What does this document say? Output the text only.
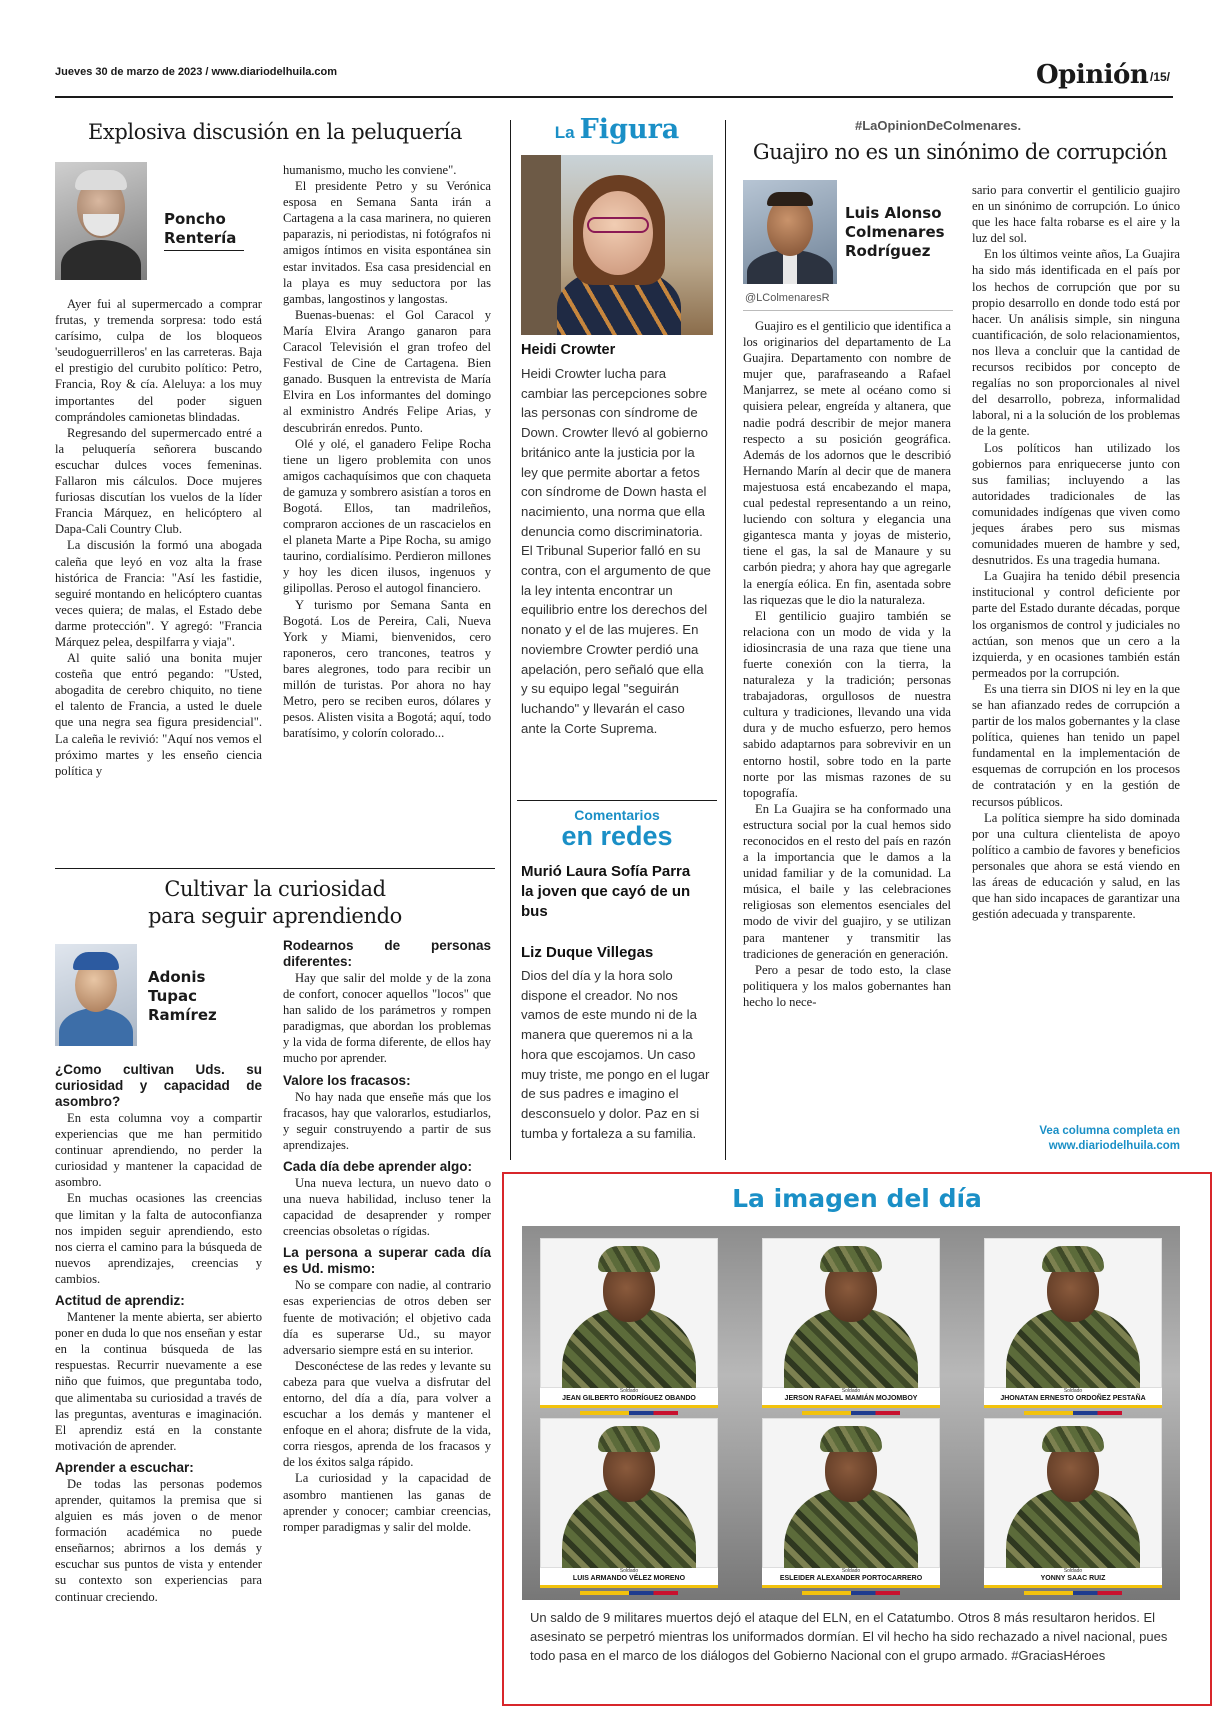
Jueves 30 de marzo de 2023 / www.diariodelhuila.com	Opinión /15/
Explosiva discusión en la peluquería
Poncho Rentería

Ayer fui al supermercado a comprar frutas, y tremenda sorpresa: todo está carísimo, culpa de los bloqueos 'seudoguerrilleros' en las carreteras. Baja el prestigio del curubito político: Petro, Francia, Roy & cía. Aleluya: a los muy importantes del poder siguen comprándoles camionetas blindadas.

Regresando del supermercado entré a la peluquería señorera buscando escuchar dulces voces femeninas. Fallaron mis cálculos. Doce mujeres furiosas discutían los vuelos de la líder Francia Márquez, en helicóptero al Dapa-Cali Country Club.

La discusión la formó una abogada caleña que leyó en voz alta la frase histórica de Francia: "Así les fastidie, seguiré montando en helicóptero cuantas veces quiera; de malas, el Estado debe darme protección". Y agregó: "Francia Márquez pelea, despilfarra y viaja".

Al quite salió una bonita mujer costeña que entró pegando: "Usted, abogadita de cerebro chiquito, no tiene el talento de Francia, a usted le duele que una negra sea figura presidencial". La caleña le revivió: "Aquí nos vemos el próximo martes y les enseño ciencia política y

humanismo, mucho les conviene".

El presidente Petro y su Verónica esposa en Semana Santa irán a Cartagena a la casa marinera, no quieren paparazis, ni periodistas, ni fotógrafos ni amigos íntimos en visita espontánea sin estar invitados. Esa casa presidencial en la playa es muy seductora por las gambas, langostinos y langostas.

Buenas-buenas: el Gol Caracol y María Elvira Arango ganaron para Caracol Televisión el gran trofeo del Festival de Cine de Cartagena. Bien ganado. Busquen la entrevista de María Elvira en Los informantes del domingo al exministro Andrés Felipe Arias, y descubrirán enredos. Punto.

Olé y olé, el ganadero Felipe Rocha tiene un ligero problemita con unos amigos cachaquísimos que con chaqueta de gamuza y sombrero asistían a toros en Bogotá. Ellos, tan madrileños, compraron acciones de un rascacielos en el planeta Marte a Pipe Rocha, su amigo taurino, cordialísimo. Perdieron millones y hoy les dicen ilusos, ingenuos y gilipollas. Peroso el autogol financiero.

Y turismo por Semana Santa en Bogotá. Los de Pereira, Cali, Nueva York y Miami, bienvenidos, cero raponeros, cero trancones, teatros y bares alegrones, todo para recibir un millón de turistas. Por ahora no hay Metro, pero se reciben euros, dólares y pesos. Alisten visita a Bogotá; aquí, todo baratísimo, y colorín colorado...

Cultivar la curiosidad
para seguir aprendiendo
Adonis Tupac Ramírez
¿Como cultivan Uds. su curiosidad y capacidad de asombro?

En esta columna voy a compartir experiencias que me han permitido continuar aprendiendo, no perder la curiosidad y mantener la capacidad de asombro.

En muchas ocasiones las creencias que limitan y la falta de autoconfianza nos impiden seguir aprendiendo, esto nos cierra el camino para la búsqueda de nuevos aprendizajes, creencias y cambios.

Actitud de aprendiz:

Mantener la mente abierta, ser abierto poner en duda lo que nos enseñan y estar en la continua búsqueda de las respuestas. Recurrir nuevamente a ese niño que fuimos, que preguntaba todo, que alimentaba su curiosidad a través de las preguntas, aventuras e imaginación. El aprendiz está en la constante motivación de aprender.

Aprender a escuchar:

De todas las personas podemos aprender, quitamos la premisa que si alguien es más joven o de menor formación académica no puede enseñarnos; abrirnos a los demás y escuchar sus puntos de vista y entender su contexto son experiencias para continuar creciendo.

Rodearnos de personas diferentes:

Hay que salir del molde y de la zona de confort, conocer aquellos "locos" que han salido de los parámetros y rompen paradigmas, que abordan los problemas y la vida de forma diferente, de ellos hay mucho por aprender.

Valore los fracasos:

No hay nada que enseñe más que los fracasos, hay que valorarlos, estudiarlos, y seguir construyendo a partir de sus aprendizajes.

Cada día debe aprender algo:

Una nueva lectura, un nuevo dato o una nueva habilidad, incluso tener la capacidad de desaprender y romper creencias obsoletas o rígidas.

La persona a superar cada día es Ud. mismo:

No se compare con nadie, al contrario esas experiencias de otros deben ser fuente de motivación; el objetivo cada día es superarse Ud., su mayor adversario siempre está en su interior.

Desconéctese de las redes y levante su cabeza para que vuelva a disfrutar del entorno, del día a día, para volver a escuchar a los demás y mantener el enfoque en el ahora; disfrute de la vida, corra riesgos, aprenda de los fracasos y de los éxitos salga rápido.

La curiosidad y la capacidad de asombro mantienen las ganas de aprender y conocer; cambiar creencias, romper paradigmas y salir del molde.

La Figura
Heidi Crowter
Heidi Crowter lucha para cambiar las percepciones sobre las personas con síndrome de Down. Crowter llevó al gobierno británico ante la justicia por la ley que permite abortar a fetos con síndrome de Down hasta el nacimiento, una norma que ella denuncia como discriminatoria. El Tribunal Superior falló en su contra, con el argumento de que la ley intenta encontrar un equilibrio entre los derechos del nonato y el de las mujeres. En noviembre Crowter perdió una apelación, pero señaló que ella y su equipo legal "seguirán luchando" y llevarán el caso ante la Corte Suprema.
Comentarios
en redes
Murió Laura Sofía Parra la joven que cayó de un bus
Liz Duque Villegas
Dios del día y la hora solo dispone el creador. No nos vamos de este mundo ni de la manera que queremos ni a la hora que escojamos. Un caso muy triste, me pongo en el lugar de sus padres e imagino el desconsuelo y dolor. Paz en si tumba y fortaleza a su familia.
#LaOpinionDeColmenares.
Guajiro no es un sinónimo de corrupción
Luis Alonso Colmenares Rodríguez
@LColmenaresR

Guajiro es el gentilicio que identifica a los originarios del departamento de La Guajira. Departamento con nombre de mujer que, parafraseando a Rafael Manjarrez, se mete al océano como si quisiera pelear, engreída y altanera, que nadie podrá describir de mejor manera respecto a su posición geográfica. Además de los adornos que le describió Hernando Marín al decir que de manera majestuosa está encabezando el mapa, cual pedestal representando a un reino, luciendo con soltura y elegancia una gigantesca manta y joyas de misterio, tiene el gas, la sal de Manaure y su carbón piedra; y ahora hay que agregarle la energía eólica. En fin, asentada sobre las riquezas que le dio la naturaleza.

El gentilicio guajiro también se relaciona con un modo de vida y la idiosincrasia de una raza que tiene una fuerte conexión con la tierra, la naturaleza y la tradición; personas trabajadoras, orgullosos de nuestra cultura y tradiciones, llevando una vida dura y de mucho esfuerzo, pero hemos sabido adaptarnos para sobrevivir en un entorno hostil, sobre todo en la parte norte por las mismas razones de su topografía.

En La Guajira se ha conformado una estructura social por la cual hemos sido reconocidos en el resto del país en razón a la importancia que le damos a la unidad familiar y de la comunidad. La música, el baile y las celebraciones religiosas son elementos esenciales del modo de vivir del guajiro, y se utilizan para mantener y transmitir las tradiciones de generación en generación.

Pero a pesar de todo esto, la clase politiquera y los malos gobernantes han hecho lo nece-

sario para convertir el gentilicio guajiro en un sinónimo de corrupción. Lo único que les hace falta robarse es el aire y la luz del sol.

En los últimos veinte años, La Guajira ha sido más identificada en el país por los hechos de corrupción que por su propio desarrollo en donde todo está por hacer. Un análisis simple, sin ninguna cuantificación, de solo relacionamientos, nos lleva a concluir que la cantidad de recursos recibidos por concepto de regalías no son proporcionales al nivel del desarrollo, pobreza, informalidad laboral, ni a la solución de los problemas de la gente.

Los políticos han utilizado los gobiernos para enriquecerse junto con sus familias; incluyendo a las autoridades tradicionales de las comunidades indígenas que viven como jeques árabes pero sus mismas comunidades mueren de hambre y sed, desnutridos. Es una tragedia humana.

La Guajira ha tenido débil presencia institucional y control deficiente por parte del Estado durante décadas, porque los organismos de control y judiciales no actúan, son menos que un cero a la izquierda, y en ocasiones también están permeados por la corrupción.

Es una tierra sin DIOS ni ley en la que se han afianzado redes de corrupción a partir de los malos gobernantes y la clase política, quienes han tenido un papel fundamental en la implementación de esquemas de corrupción en los procesos de contratación y en la gestión de recursos públicos.

La política siempre ha sido dominada por una cultura clientelista de apoyo político a cambio de favores y beneficios personales que ahora se está viendo en las áreas de educación y salud, en las que han sido incapaces de garantizar una gestión adecuada y transparente.

Vea columna completa en
www.diariodelhuila.com
La imagen del día
Soldado
JEAN GILBERTO RODRÍGUEZ OBANDO
Soldado
JERSON RAFAEL MAMIÁN MOJOMBOY
Soldado
JHONATAN ERNESTO ORDOÑEZ PESTAÑA
Soldado
LUIS ARMANDO VÉLEZ MORENO
Soldado
ESLEIDER ALEXANDER PORTOCARRERO
Soldado
YONNY SAAC RUIZ
Un saldo de 9 militares muertos dejó el ataque del ELN, en el Catatumbo. Otros 8 más resultaron heridos. El asesinato se perpetró mientras los uniformados dormían. El vil hecho ha sido rechazado a nivel nacional, pues todo pasa en el marco de los diálogos del Gobierno Nacional con el grupo armado. #GraciasHéroes
